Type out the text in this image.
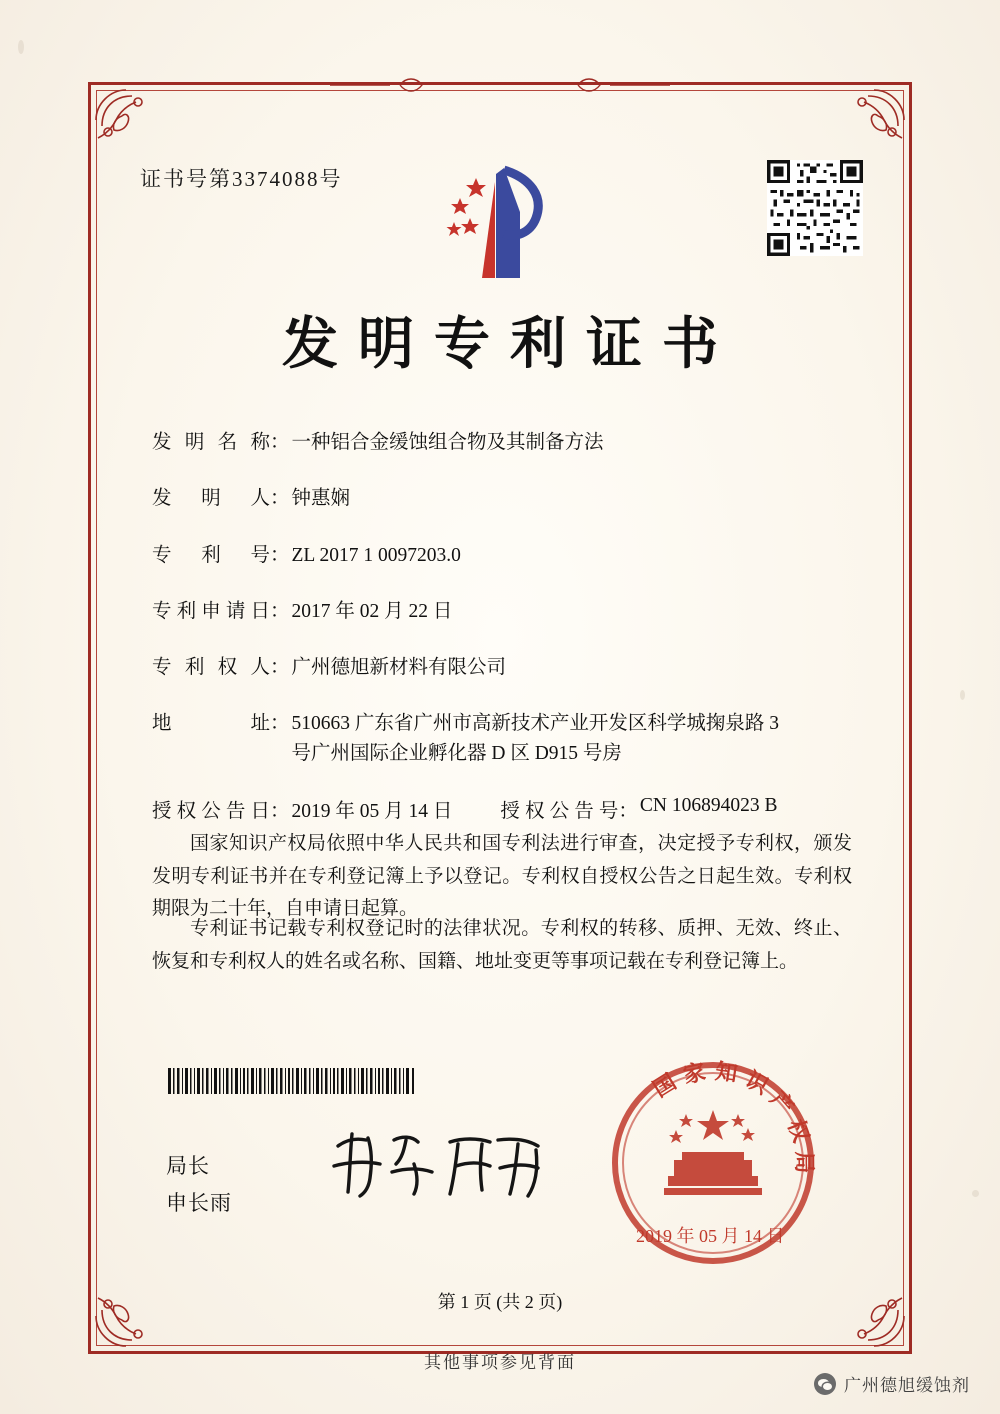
证书号第3374088号
发明专利证书
发 明 名 称 ： 一种铝合金缓蚀组合物及其制备方法
发 明 人 ： 钟惠娴
专 利 号 ： ZL 2017 1 0097203.0
专 利 申 请 日 ： 2017 年 02 月 22 日
专 利 权 人 ： 广州德旭新材料有限公司
地	址 ： 510663 广东省广州市高新技术产业开发区科学城掬泉路 3
号广州国际企业孵化器 D 区 D915 号房
授 权 公 告 日 ： 2019 年 05 月 14 日 授 权 公 告 号 ： CN 106894023 B
国家知识产权局依照中华人民共和国专利法进行审查，决定授予专利权，颁发发明专利证书并在专利登记簿上予以登记。专利权自授权公告之日起生效。专利权期限为二十年，自申请日起算。
专利证书记载专利权登记时的法律状况。专利权的转移、质押、无效、终止、恢复和专利权人的姓名或名称、国籍、地址变更等事项记载在专利登记簿上。
局长
申长雨
国 家 知 识 产 权 局
2019 年 05 月 14 日
第 1 页 (共 2 页)
其他事项参见背面
广州德旭缓蚀剂
